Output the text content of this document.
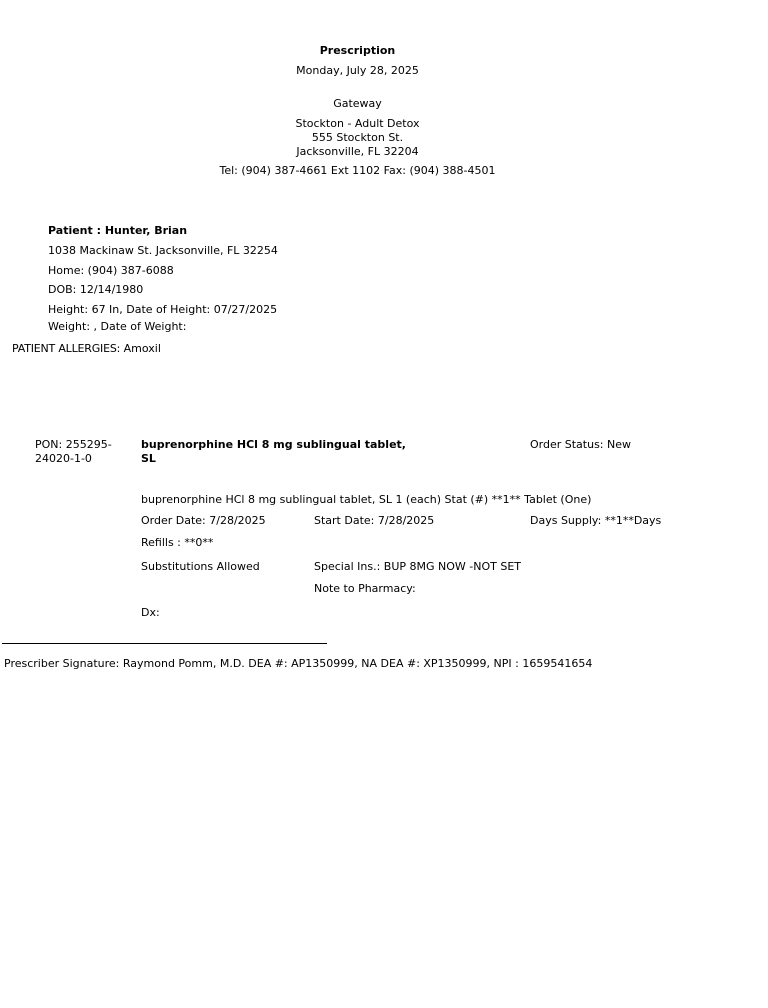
Prescription
Monday, July 28, 2025
Gateway
Stockton - Adult Detox
555 Stockton St.
Jacksonville, FL 32204
Tel: (904) 387-4661 Ext 1102 Fax: (904) 388-4501
Patient : Hunter, Brian
1038 Mackinaw St. Jacksonville, FL 32254
Home: (904) 387-6088
DOB: 12/14/1980
Height: 67 In, Date of Height: 07/27/2025
Weight: , Date of Weight:
PATIENT ALLERGIES: Amoxil
PON: 255295-24020-1-0
buprenorphine HCl 8 mg sublingual tablet, SL
Order Status: New
buprenorphine HCl 8 mg sublingual tablet, SL 1 (each) Stat (#) **1** Tablet (One)
Order Date: 7/28/2025	Start Date: 7/28/2025	Days Supply: **1**Days
Refills : **0**
Substitutions Allowed	Special Ins.: BUP 8MG NOW -NOT SET
Note to Pharmacy:
Dx:
Prescriber Signature: Raymond Pomm, M.D. DEA #: AP1350999, NA DEA #: XP1350999, NPI : 1659541654
